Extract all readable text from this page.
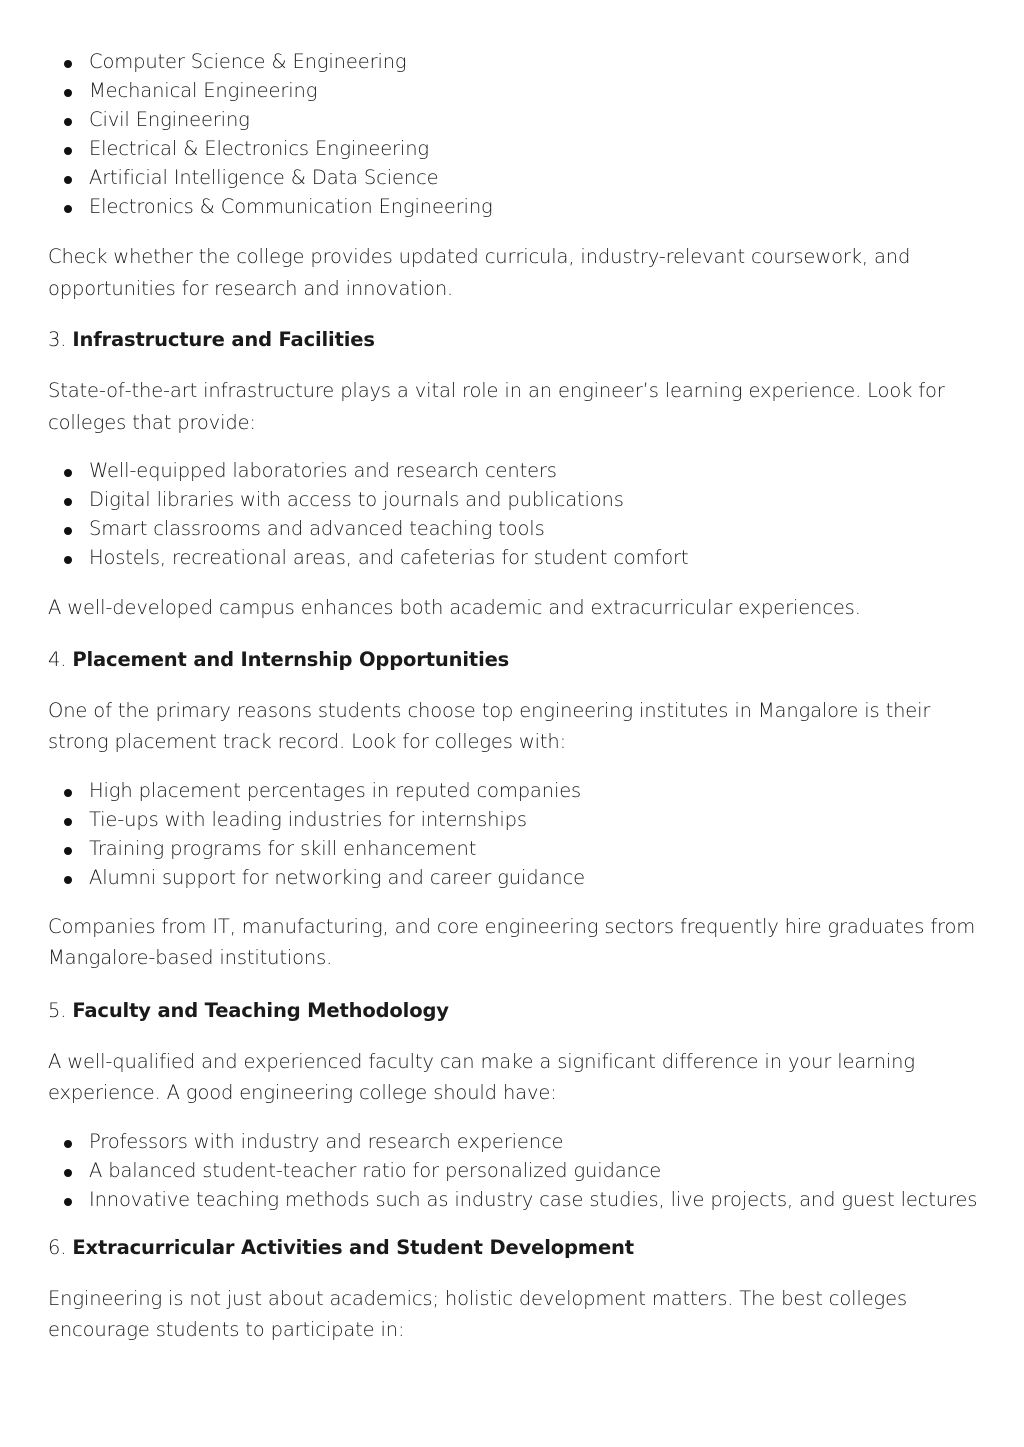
Computer Science & Engineering
Mechanical Engineering
Civil Engineering
Electrical & Electronics Engineering
Artificial Intelligence & Data Science
Electronics & Communication Engineering

Check whether the college provides updated curricula, industry-relevant coursework, and opportunities for research and innovation.

3. Infrastructure and Facilities

State-of-the-art infrastructure plays a vital role in an engineer’s learning experience. Look for colleges that provide:

Well-equipped laboratories and research centers
Digital libraries with access to journals and publications
Smart classrooms and advanced teaching tools
Hostels, recreational areas, and cafeterias for student comfort

A well-developed campus enhances both academic and extracurricular experiences.

4. Placement and Internship Opportunities

One of the primary reasons students choose top engineering institutes in Mangalore is their strong placement track record. Look for colleges with:

High placement percentages in reputed companies
Tie-ups with leading industries for internships
Training programs for skill enhancement
Alumni support for networking and career guidance

Companies from IT, manufacturing, and core engineering sectors frequently hire graduates from Mangalore-based institutions.

5. Faculty and Teaching Methodology

A well-qualified and experienced faculty can make a significant difference in your learning experience. A good engineering college should have:

Professors with industry and research experience
A balanced student-teacher ratio for personalized guidance
Innovative teaching methods such as industry case studies, live projects, and guest lectures
6. Extracurricular Activities and Student Development

Engineering is not just about academics; holistic development matters. The best colleges encourage students to participate in:
